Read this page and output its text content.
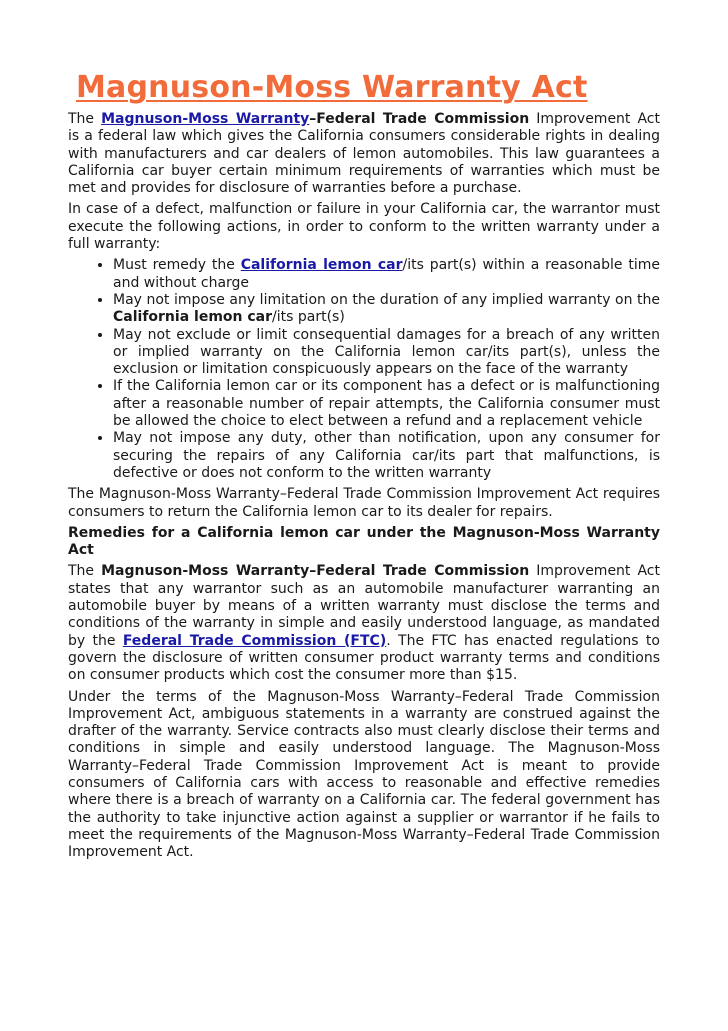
Magnuson-Moss Warranty Act

The Magnuson-Moss Warranty–Federal Trade Commission Improvement Act is a federal law which gives the California consumers considerable rights in dealing with manufacturers and car dealers of lemon automobiles. This law guarantees a California car buyer certain minimum requirements of warranties which must be met and provides for disclosure of warranties before a purchase.

In case of a defect, malfunction or failure in your California car, the warrantor must execute the following actions, in order to conform to the written warranty under a full warranty:

• Must remedy the California lemon car/its part(s) within a reasonable time and without charge
• May not impose any limitation on the duration of any implied warranty on the California lemon car/its part(s)
• May not exclude or limit consequential damages for a breach of any written or implied warranty on the California lemon car/its part(s), unless the exclusion or limitation conspicuously appears on the face of the warranty
• If the California lemon car or its component has a defect or is malfunctioning after a reasonable number of repair attempts, the California consumer must be allowed the choice to elect between a refund and a replacement vehicle
• May not impose any duty, other than notification, upon any consumer for securing the repairs of any California car/its part that malfunctions, is defective or does not conform to the written warranty

The Magnuson-Moss Warranty–Federal Trade Commission Improvement Act requires consumers to return the California lemon car to its dealer for repairs.

Remedies for a California lemon car under the Magnuson-Moss Warranty Act

The Magnuson-Moss Warranty–Federal Trade Commission Improvement Act states that any warrantor such as an automobile manufacturer warranting an automobile buyer by means of a written warranty must disclose the terms and conditions of the warranty in simple and easily understood language, as mandated by the Federal Trade Commission (FTC). The FTC has enacted regulations to govern the disclosure of written consumer product warranty terms and conditions on consumer products which cost the consumer more than $15.

Under the terms of the Magnuson-Moss Warranty–Federal Trade Commission Improvement Act, ambiguous statements in a warranty are construed against the drafter of the warranty. Service contracts also must clearly disclose their terms and conditions in simple and easily understood language. The Magnuson-Moss Warranty–Federal Trade Commission Improvement Act is meant to provide consumers of California cars with access to reasonable and effective remedies where there is a breach of warranty on a California car. The federal government has the authority to take injunctive action against a supplier or warrantor if he fails to meet the requirements of the Magnuson-Moss Warranty–Federal Trade Commission Improvement Act.
